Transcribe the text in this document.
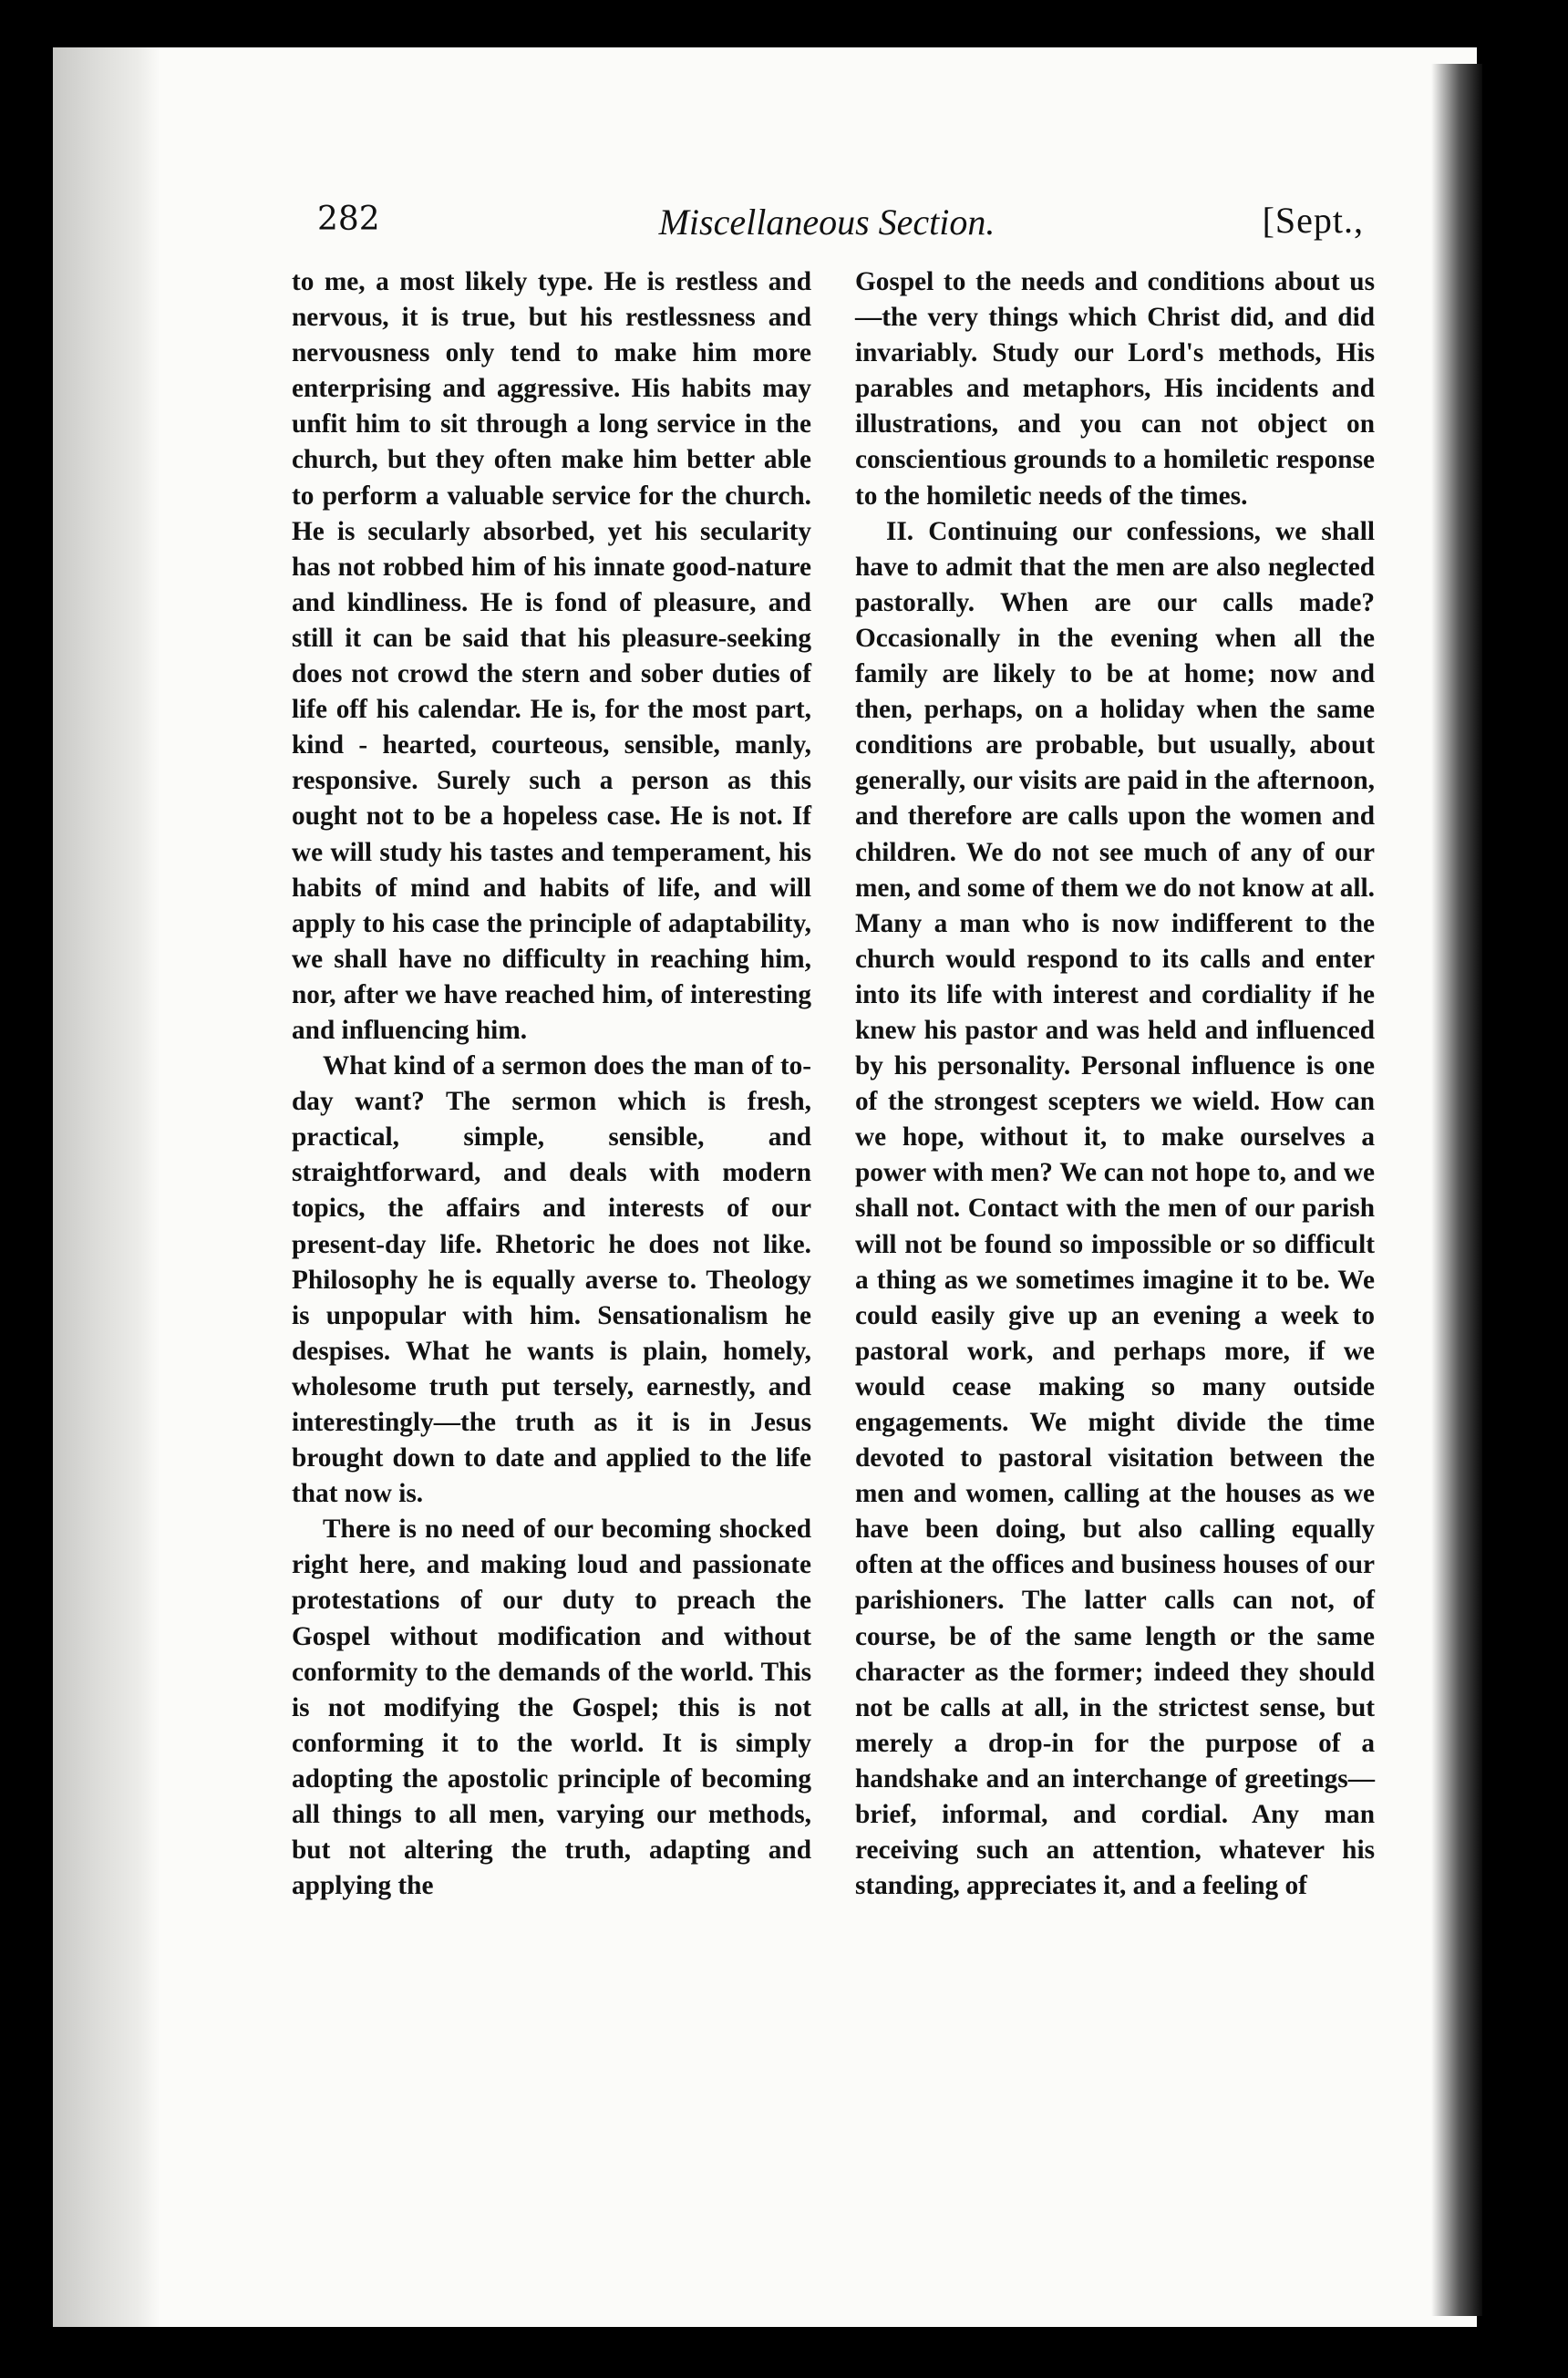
282	Miscellaneous Section.	[Sept.,

to me, a most likely type. He is restless and nervous, it is true, but his restlessness and nervousness only tend to make him more enterprising and aggressive. His habits may unfit him to sit through a long service in the church, but they often make him better able to perform a valuable service for the church. He is secularly absorbed, yet his secularity has not robbed him of his innate good-nature and kindliness. He is fond of pleasure, and still it can be said that his pleasure-seeking does not crowd the stern and sober duties of life off his calendar. He is, for the most part, kind - hearted, courteous, sensible, manly, responsive. Surely such a person as this ought not to be a hopeless case. He is not. If we will study his tastes and temperament, his habits of mind and habits of life, and will apply to his case the principle of adaptability, we shall have no difficulty in reaching him, nor, after we have reached him, of interesting and influencing him.

What kind of a sermon does the man of to-day want? The sermon which is fresh, practical, simple, sensible, and straightforward, and deals with modern topics, the affairs and interests of our present-day life. Rhetoric he does not like. Philosophy he is equally averse to. Theology is unpopular with him. Sensationalism he despises. What he wants is plain, homely, wholesome truth put tersely, earnestly, and interestingly—the truth as it is in Jesus brought down to date and applied to the life that now is.

There is no need of our becoming shocked right here, and making loud and passionate protestations of our duty to preach the Gospel without modification and without conformity to the demands of the world. This is not modifying the Gospel; this is not conforming it to the world. It is simply adopting the apostolic principle of becoming all things to all men, varying our methods, but not altering the truth, adapting and applying the

Gospel to the needs and conditions about us—the very things which Christ did, and did invariably. Study our Lord's methods, His parables and metaphors, His incidents and illustrations, and you can not object on conscientious grounds to a homiletic response to the homiletic needs of the times.

II. Continuing our confessions, we shall have to admit that the men are also neglected pastorally. When are our calls made? Occasionally in the evening when all the family are likely to be at home; now and then, perhaps, on a holiday when the same conditions are probable, but usually, about generally, our visits are paid in the afternoon, and therefore are calls upon the women and children. We do not see much of any of our men, and some of them we do not know at all. Many a man who is now indifferent to the church would respond to its calls and enter into its life with interest and cordiality if he knew his pastor and was held and influenced by his personality. Personal influence is one of the strongest scepters we wield. How can we hope, without it, to make ourselves a power with men? We can not hope to, and we shall not. Contact with the men of our parish will not be found so impossible or so difficult a thing as we sometimes imagine it to be. We could easily give up an evening a week to pastoral work, and perhaps more, if we would cease making so many outside engagements. We might divide the time devoted to pastoral visitation between the men and women, calling at the houses as we have been doing, but also calling equally often at the offices and business houses of our parishioners. The latter calls can not, of course, be of the same length or the same character as the former; indeed they should not be calls at all, in the strictest sense, but merely a drop-in for the purpose of a handshake and an interchange of greetings—brief, informal, and cordial. Any man receiving such an attention, whatever his standing, appreciates it, and a feeling of
